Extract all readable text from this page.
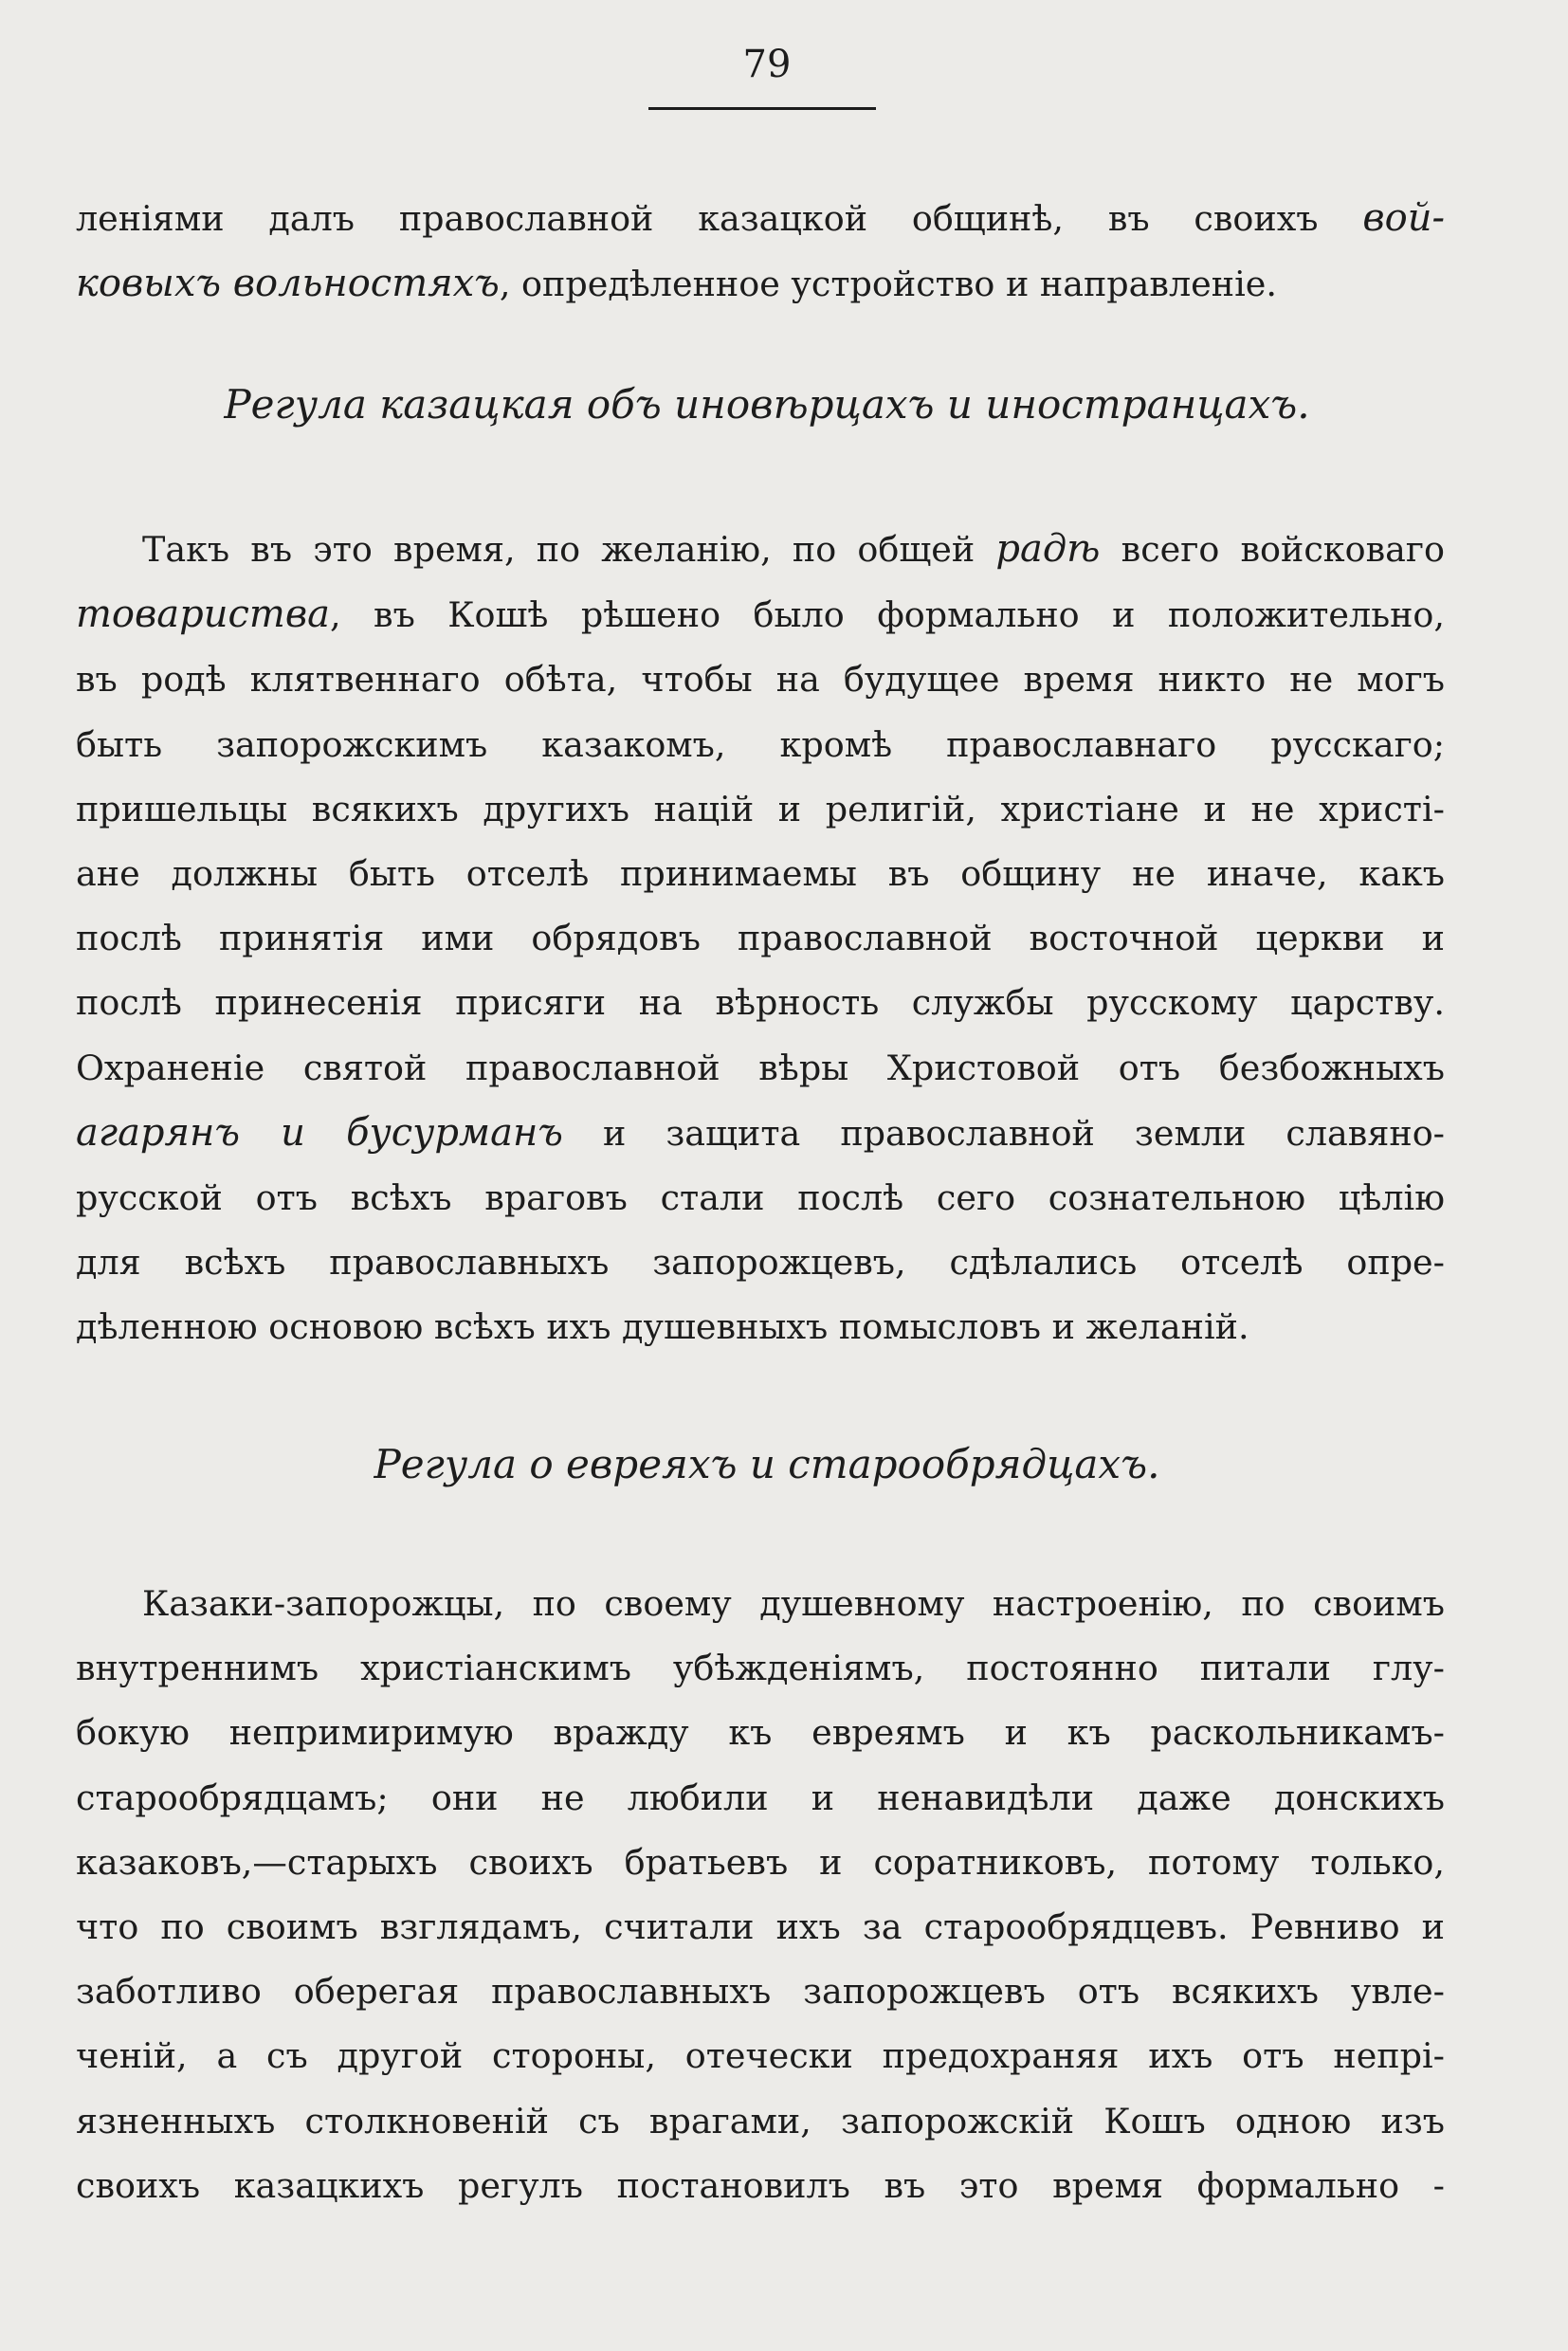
79
леніями далъ православной казацкой общинѣ, въ своихъ вой-
ковыхъ вольностяхъ, опредѣленное устройство и направленіе.
Регула казацкая объ иновѣрцахъ и иностранцахъ.
Такъ въ это время, по желанію, по общей радѣ всего войсковаго
товариства, въ Кошѣ рѣшено было формально и положительно,
въ родѣ клятвеннаго обѣта, чтобы на будущее время никто не могъ
быть запорожскимъ казакомъ, кромѣ православнаго русскаго;
пришельцы всякихъ другихъ націй и религій, христіане и не христі-
ане должны быть отселѣ принимаемы въ общину не иначе, какъ
послѣ принятія ими обрядовъ православной восточной церкви и
послѣ принесенія присяги на вѣрность службы русскому царству.
Охраненіе святой православной вѣры Христовой отъ безбожныхъ
агарянъ и бусурманъ и защита православной земли славяно-
русской отъ всѣхъ враговъ стали послѣ сего сознательною цѣлію
для всѣхъ православныхъ запорожцевъ, сдѣлались отселѣ опре-
дѣленною основою всѣхъ ихъ душевныхъ помысловъ и желаній.
Регула о евреяхъ и старообрядцахъ.
Казаки-запорожцы, по своему душевному настроенію, по своимъ
внутреннимъ христіанскимъ убѣжденіямъ, постоянно питали глу-
бокую непримиримую вражду къ евреямъ и къ раскольникамъ-
старообрядцамъ; они не любили и ненавидѣли даже донскихъ
казаковъ,—старыхъ своихъ братьевъ и соратниковъ, потому только,
что по своимъ взглядамъ, считали ихъ за старообрядцевъ. Ревниво и
заботливо оберегая православныхъ запорожцевъ отъ всякихъ увле-
ченій, а съ другой стороны, отечески предохраняя ихъ отъ непрі-
язненныхъ столкновеній съ врагами, запорожскій Кошъ одною изъ
своихъ казацкихъ регулъ постановилъ въ это время формально -
